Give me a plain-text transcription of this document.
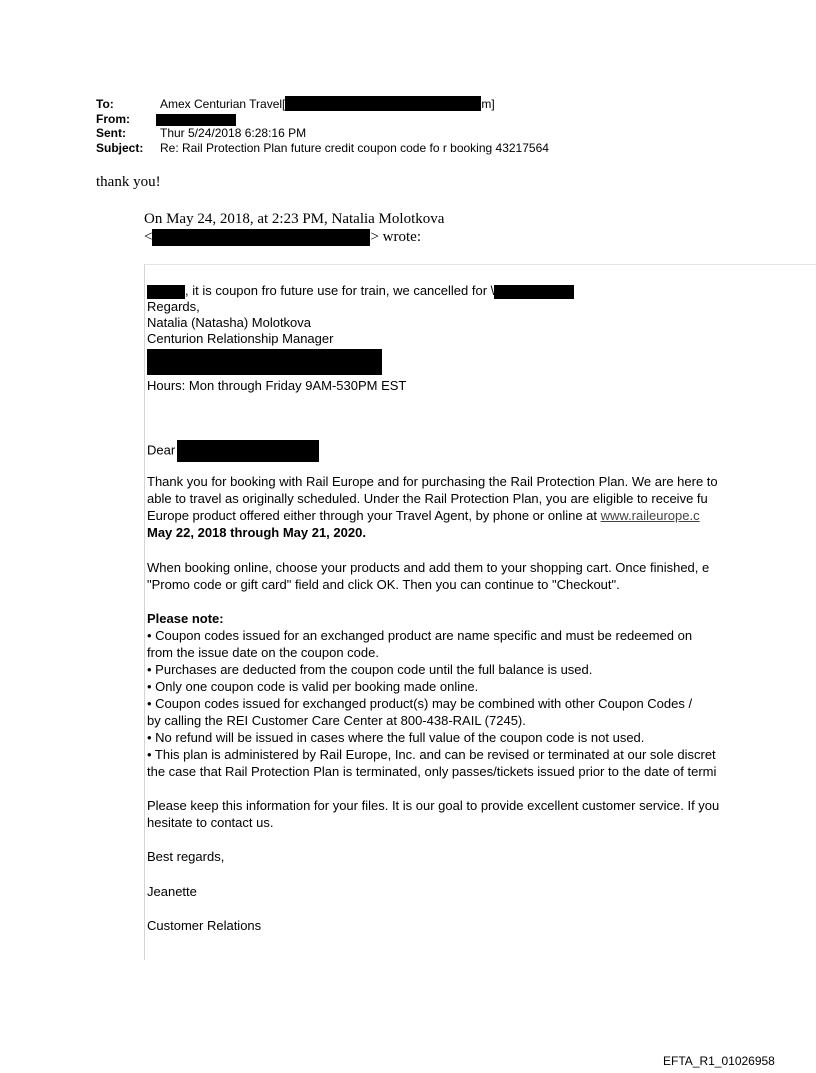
To:	Amex Centurian Travel[	m]
From:
Sent:	Thur 5/24/2018 6:28:16 PM
Subject: Re: Rail Protection Plan future credit coupon code fo r booking 43217564
thank you!
On May 24, 2018, at 2:23 PM, Natalia Molotkova
<	> wrote:
, it is coupon fro future use for train, we cancelled for \
Regards,
Natalia (Natasha) Molotkova
Centurion Relationship Manager
Hours: Mon through Friday 9AM-530PM EST
Dear
Thank you for booking with Rail Europe and for purchasing the Rail Protection Plan. We are here to
able to travel as originally scheduled. Under the Rail Protection Plan, you are eligible to receive fu
Europe product offered either through your Travel Agent, by phone or online at www.raileurope.c
May 22, 2018 through May 21, 2020.
When booking online, choose your products and add them to your shopping cart. Once finished, e
"Promo code or gift card" field and click OK. Then you can continue to "Checkout".
Please note:
• Coupon codes issued for an exchanged product are name specific and must be redeemed on
from the issue date on the coupon code.
• Purchases are deducted from the coupon code until the full balance is used.
• Only one coupon code is valid per booking made online.
• Coupon codes issued for exchanged product(s) may be combined with other Coupon Codes /
by calling the REI Customer Care Center at 800-438-RAIL (7245).
• No refund will be issued in cases where the full value of the coupon code is not used.
• This plan is administered by Rail Europe, Inc. and can be revised or terminated at our sole discret
the case that Rail Protection Plan is terminated, only passes/tickets issued prior to the date of termi
Please keep this information for your files. It is our goal to provide excellent customer service. If you
hesitate to contact us.
Best regards,
Jeanette
Customer Relations
EFTA_R1_01026958
